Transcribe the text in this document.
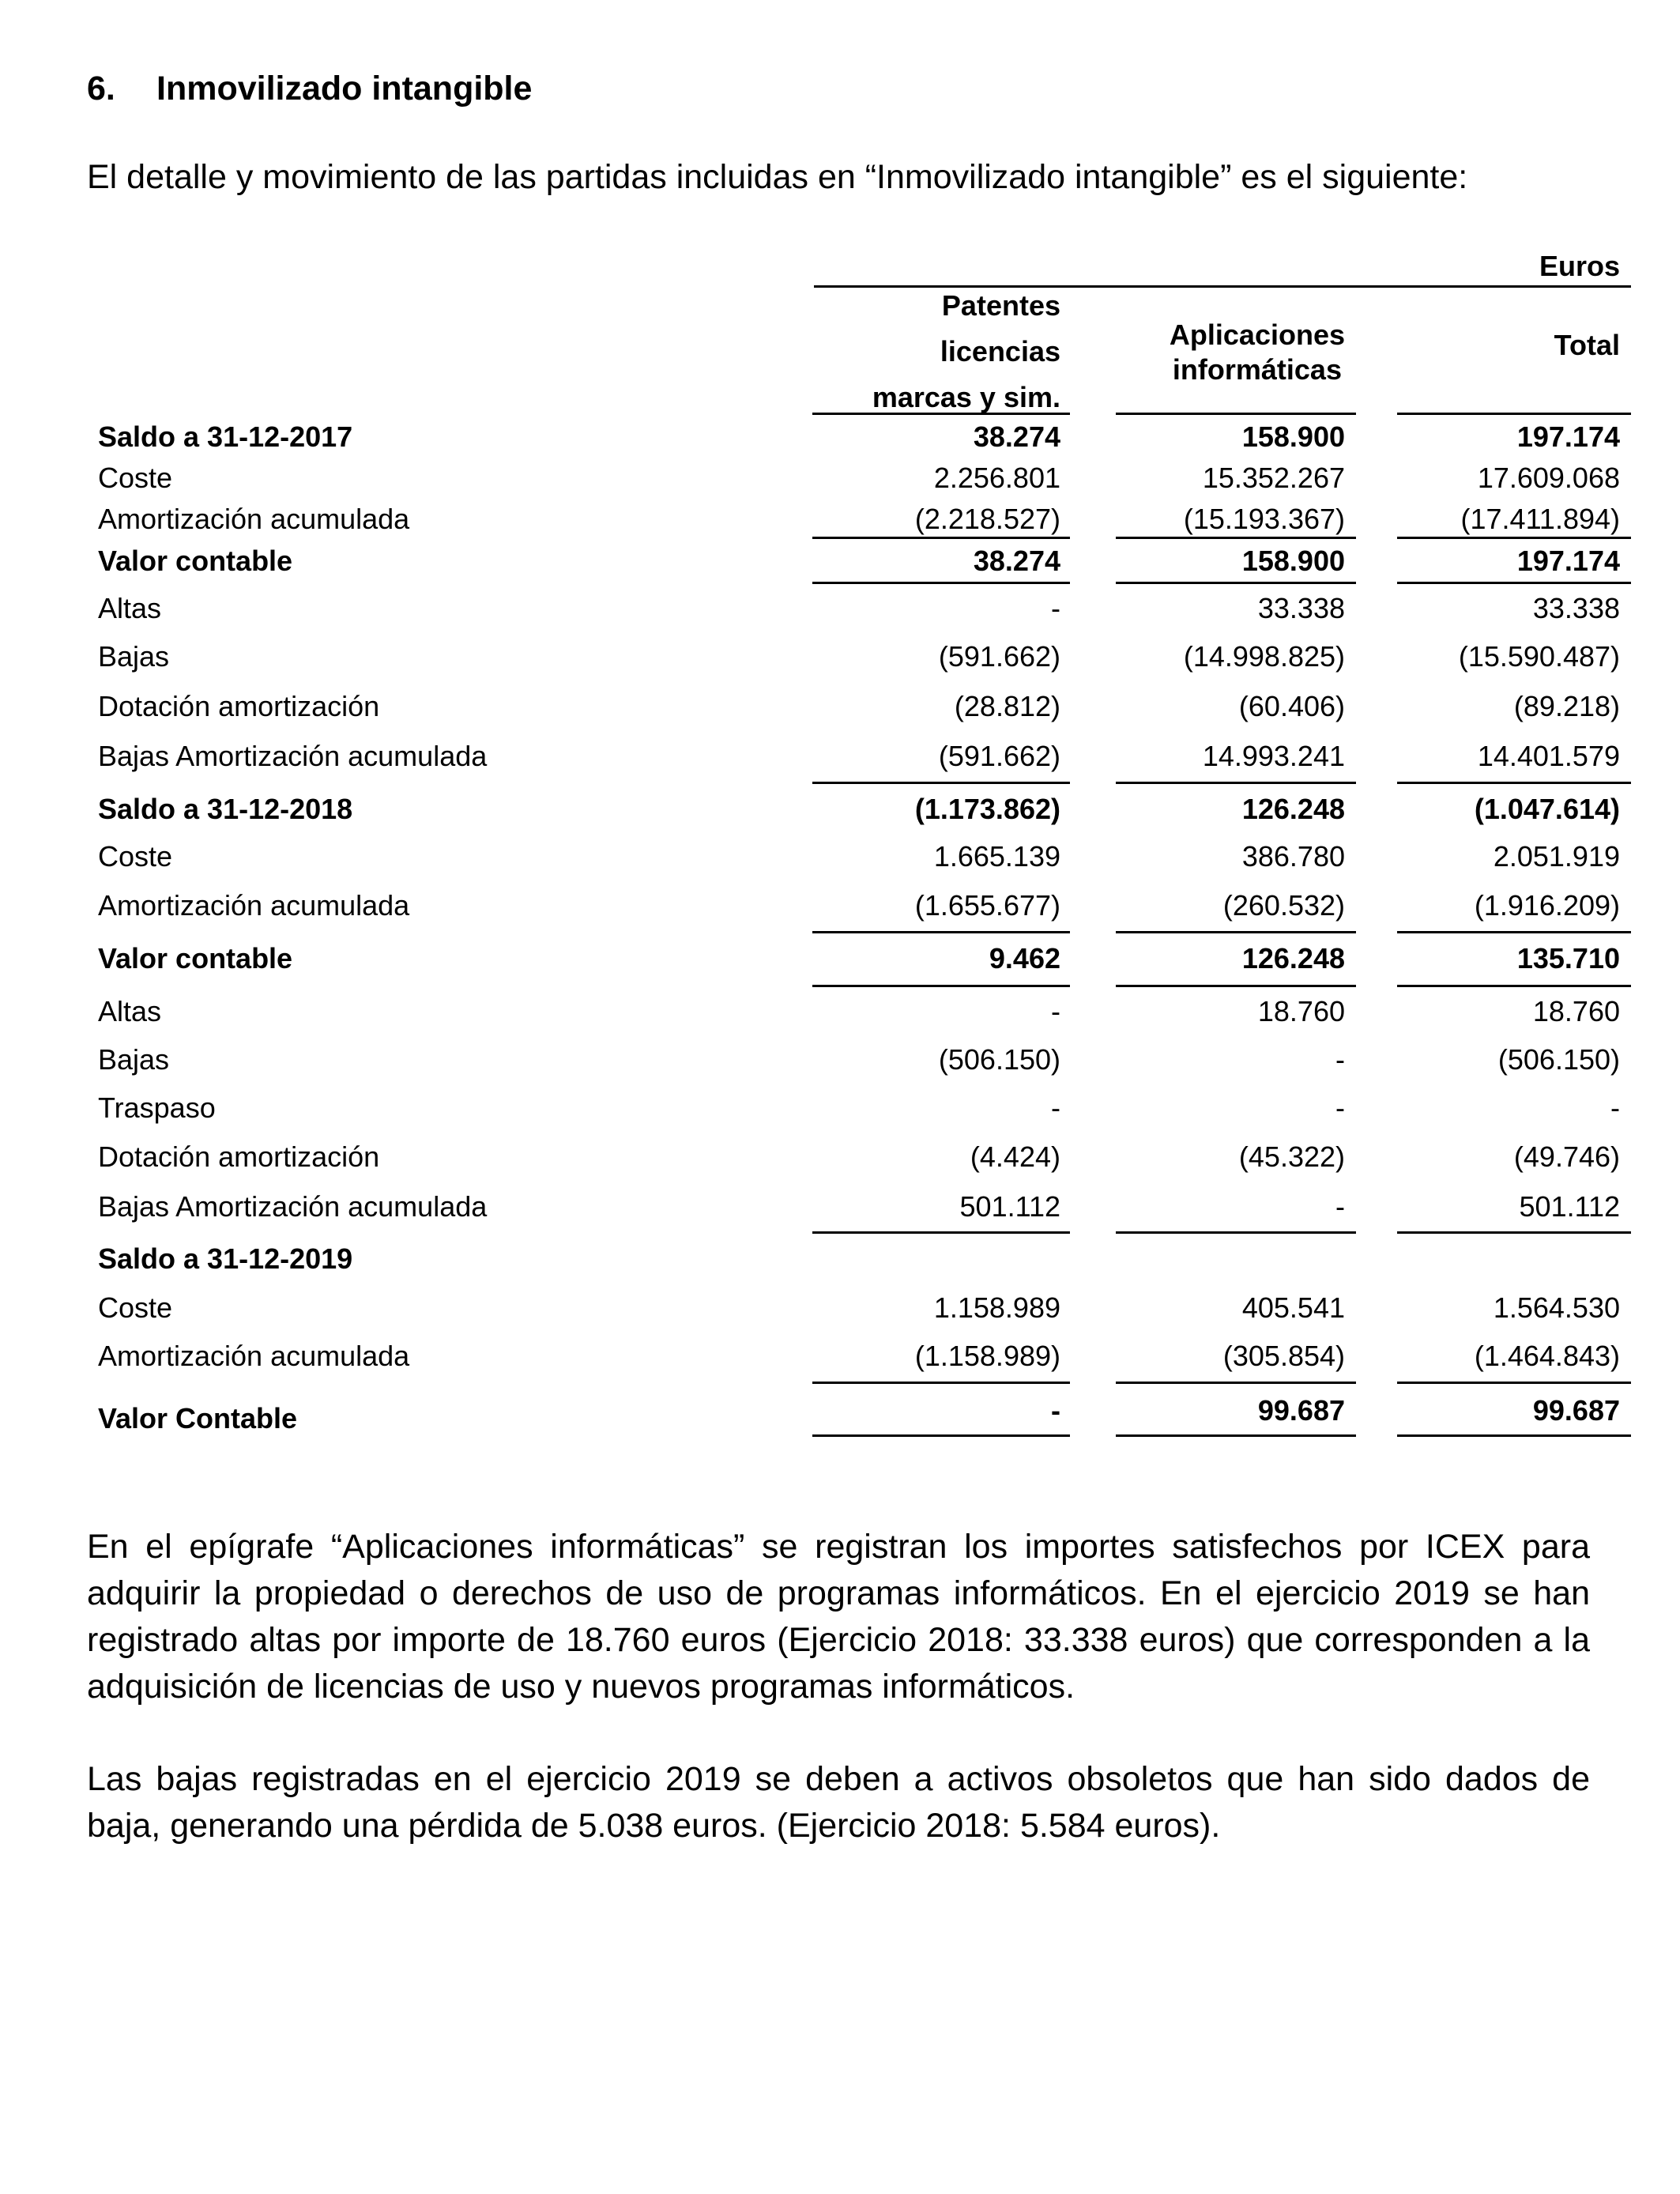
6. Inmovilizado intangible
El detalle y movimiento de las partidas incluidas en “Inmovilizado intangible” es el siguiente:
Euros
Patentes
licencias
marcas y sim.
Aplicaciones
informáticas
Total
Saldo a 31-12-2017	38.274	158.900	197.174
Coste	2.256.801	15.352.267	17.609.068
Amortización acumulada	(2.218.527)	(15.193.367)	(17.411.894)
Valor contable	38.274	158.900	197.174
Altas	-	33.338	33.338
Bajas	(591.662)	(14.998.825)	(15.590.487)
Dotación amortización	(28.812)	(60.406)	(89.218)
Bajas Amortización acumulada	(591.662)	14.993.241	14.401.579
Saldo a 31-12-2018	(1.173.862)	126.248	(1.047.614)
Coste	1.665.139	386.780	2.051.919
Amortización acumulada	(1.655.677)	(260.532)	(1.916.209)
Valor contable	9.462	126.248	135.710
Altas	-	18.760	18.760
Bajas	(506.150)	-	(506.150)
Traspaso	-	-	-
Dotación amortización	(4.424)	(45.322)	(49.746)
Bajas Amortización acumulada	501.112	-	501.112
Saldo a 31-12-2019
Coste	1.158.989	405.541	1.564.530
Amortización acumulada	(1.158.989)	(305.854)	(1.464.843)
Valor Contable	-	99.687	99.687
En el epígrafe “Aplicaciones informáticas” se registran los importes satisfechos por ICEX para adquirir la propiedad o derechos de uso de programas informáticos. En el ejercicio 2019 se han registrado altas por importe de 18.760 euros (Ejercicio 2018: 33.338 euros) que corresponden a la adquisición de licencias de uso y nuevos programas informáticos.
Las bajas registradas en el ejercicio 2019 se deben a activos obsoletos que han sido dados de baja, generando una pérdida de 5.038 euros. (Ejercicio 2018: 5.584 euros).
